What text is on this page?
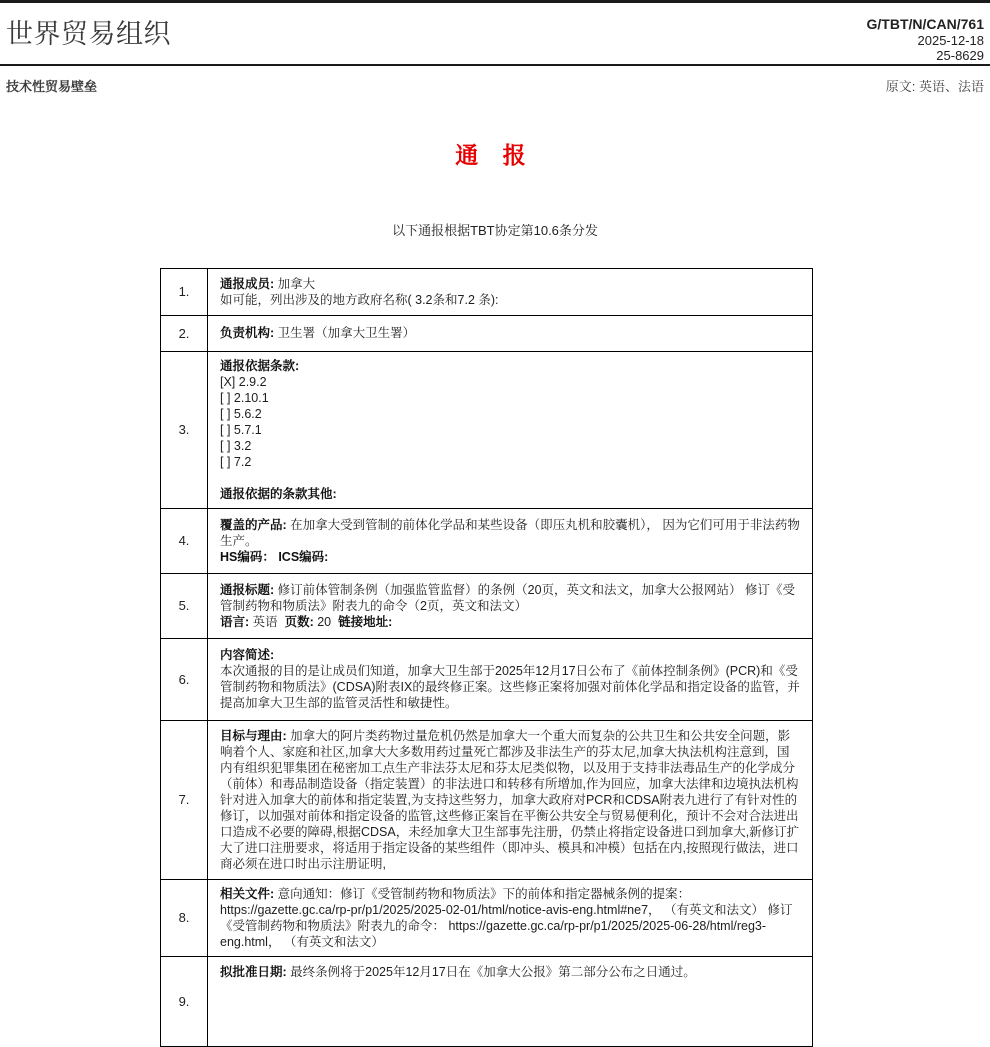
世界贸易组织	G/TBT/N/CAN/761
2025-12-18
25-8629
技术性贸易壁垒	原文: 英语、法语
通 报
以下通报根据TBT协定第10.6条分发
1.	通报成员: 加拿大
如可能，列出涉及的地方政府名称( 3.2条和7.2 条):

2.	负责机构: 卫生署（加拿大卫生署）

3.	
通报依据条款:
[X] 2.9.2
[ ] 2.10.1
[ ] 5.6.2
[ ] 5.7.1
[ ] 3.2
[ ] 7.2

通报依据的条款其他:

4.	覆盖的产品: 在加拿大受到管制的前体化学品和某些设备（即压丸机和胶囊机）， 因为它们可用于非法药物生产。
HS编码： ICS编码:

5.	通报标题: 修订前体管制条例（加强监管监督）的条例（20页，英文和法文，加拿大公报网站） 修订《受管制药物和物质法》附表九的命令（2页，英文和法文）
语言: 英语  页数: 20  链接地址:

6.	内容简述:
本次通报的目的是让成员们知道，加拿大卫生部于2025年12月17日公布了《前体控制条例》(PCR)和《受管制药物和物质法》(CDSA)附表IX的最终修正案。这些修正案将加强对前体化学品和指定设备的监管，并提高加拿大卫生部的监管灵活性和敏捷性。

7.	目标与理由: 加拿大的阿片类药物过量危机仍然是加拿大一个重大而复杂的公共卫生和公共安全问题，影响着个人、家庭和社区,加拿大大多数用药过量死亡都涉及非法生产的芬太尼,加拿大执法机构注意到，国内有组织犯罪集团在秘密加工点生产非法芬太尼和芬太尼类似物，以及用于支持非法毒品生产的化学成分（前体）和毒品制造设备（指定装置）的非法进口和转移有所增加,作为回应，加拿大法律和边境执法机构针对进入加拿大的前体和指定装置,为支持这些努力，加拿大政府对PCR和CDSA附表九进行了有针对性的修订，以加强对前体和指定设备的监管,这些修正案旨在平衡公共安全与贸易便利化，预计不会对合法进出口造成不必要的障碍,根据CDSA，未经加拿大卫生部事先注册，仍禁止将指定设备进口到加拿大,新修订扩大了进口注册要求，将适用于指定设备的某些组件（即冲头、模具和冲模）包括在内,按照现行做法，进口商必须在进口时出示注册证明,

8.	相关文件: 意向通知：修订《受管制药物和物质法》下的前体和指定器械条例的提案： https://gazette.gc.ca/rp-pr/p1/2025/2025-02-01/html/notice-avis-eng.html#ne7， （有英文和法文） 修订《受管制药物和物质法》附表九的命令： https://gazette.gc.ca/rp-pr/p1/2025/2025-06-28/html/reg3-eng.html， （有英文和法文）

9.	拟批准日期: 最终条例将于2025年12月17日在《加拿大公报》第二部分公布之日通过。
